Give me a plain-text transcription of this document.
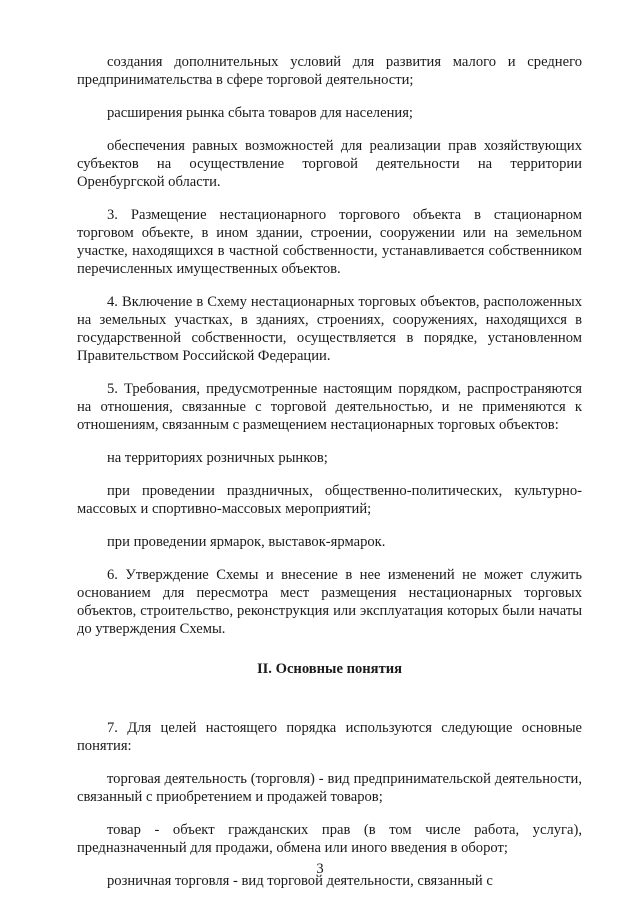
создания дополнительных условий для развития малого и среднего предпринимательства в сфере торговой деятельности;

расширения рынка сбыта товаров для населения;

обеспечения равных возможностей для реализации прав хозяйствующих субъектов на осуществление торговой деятельности на территории Оренбургской области.

3. Размещение нестационарного торгового объекта в стационарном торговом объекте, в ином здании, строении, сооружении или на земельном участке, находящихся в частной собственности, устанавливается собственником перечисленных имущественных объектов.

4. Включение в Схему нестационарных торговых объектов, расположенных на земельных участках, в зданиях, строениях, сооружениях, находящихся в государственной собственности, осуществляется в порядке, установленном Правительством Российской Федерации.

5. Требования, предусмотренные настоящим порядком, распространяются на отношения, связанные с торговой деятельностью, и не применяются к отношениям, связанным с размещением нестационарных торговых объектов:

на территориях розничных рынков;

при проведении праздничных, общественно-политических, культурно-массовых и спортивно-массовых мероприятий;

при проведении ярмарок, выставок-ярмарок.

6. Утверждение Схемы и внесение в нее изменений не может служить основанием для пересмотра мест размещения нестационарных торговых объектов, строительство, реконструкция или эксплуатация которых были начаты до утверждения Схемы.

II. Основные понятия

7. Для целей настоящего порядка используются следующие основные понятия:

торговая деятельность (торговля) - вид предпринимательской деятельности, связанный с приобретением и продажей товаров;

товар - объект гражданских прав (в том числе работа, услуга), предназначенный для продажи, обмена или иного введения в оборот;

розничная торговля - вид торговой деятельности, связанный с

3
